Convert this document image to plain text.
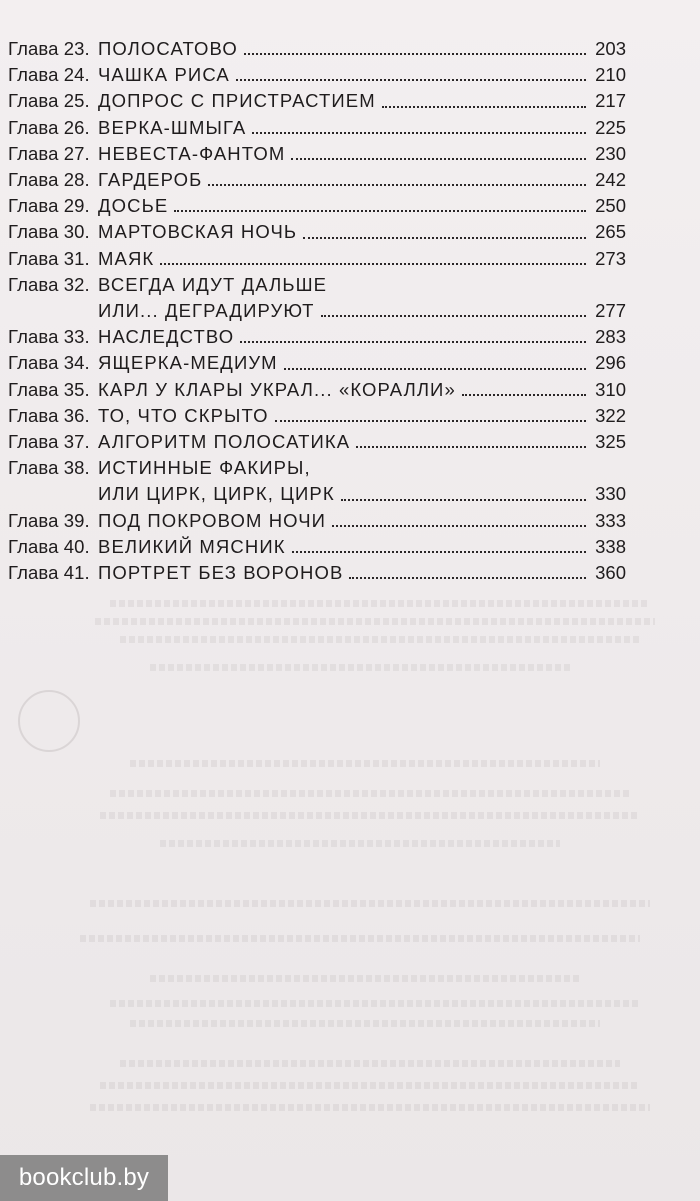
Глава 23. ПОЛОСАТОВО	203
Глава 24. ЧАШКА РИСА	210
Глава 25. ДОПРОС С ПРИСТРАСТИЕМ	217
Глава 26. ВЕРКА-ШМЫГА	225
Глава 27. НЕВЕСТА-ФАНТОМ	230
Глава 28. ГАРДЕРОБ	242
Глава 29. ДОСЬЕ	250
Глава 30. МАРТОВСКАЯ НОЧЬ	265
Глава 31. МАЯК	273
Глава 32. ВСЕГДА ИДУТ ДАЛЬШЕ
ИЛИ... ДЕГРАДИРУЮТ	277
Глава 33. НАСЛЕДСТВО	283
Глава 34. ЯЩЕРКА-МЕДИУМ	296
Глава 35. КАРЛ У КЛАРЫ УКРАЛ... «КОРАЛЛИ»	310
Глава 36. ТО, ЧТО СКРЫТО	322
Глава 37. АЛГОРИТМ ПОЛОСАТИКА	325
Глава 38. ИСТИННЫЕ ФАКИРЫ,
ИЛИ ЦИРК, ЦИРК, ЦИРК	330
Глава 39. ПОД ПОКРОВОМ НОЧИ	333
Глава 40. ВЕЛИКИЙ МЯСНИК	338
Глава 41. ПОРТРЕТ БЕЗ ВОРОНОВ	360
bookclub.by
